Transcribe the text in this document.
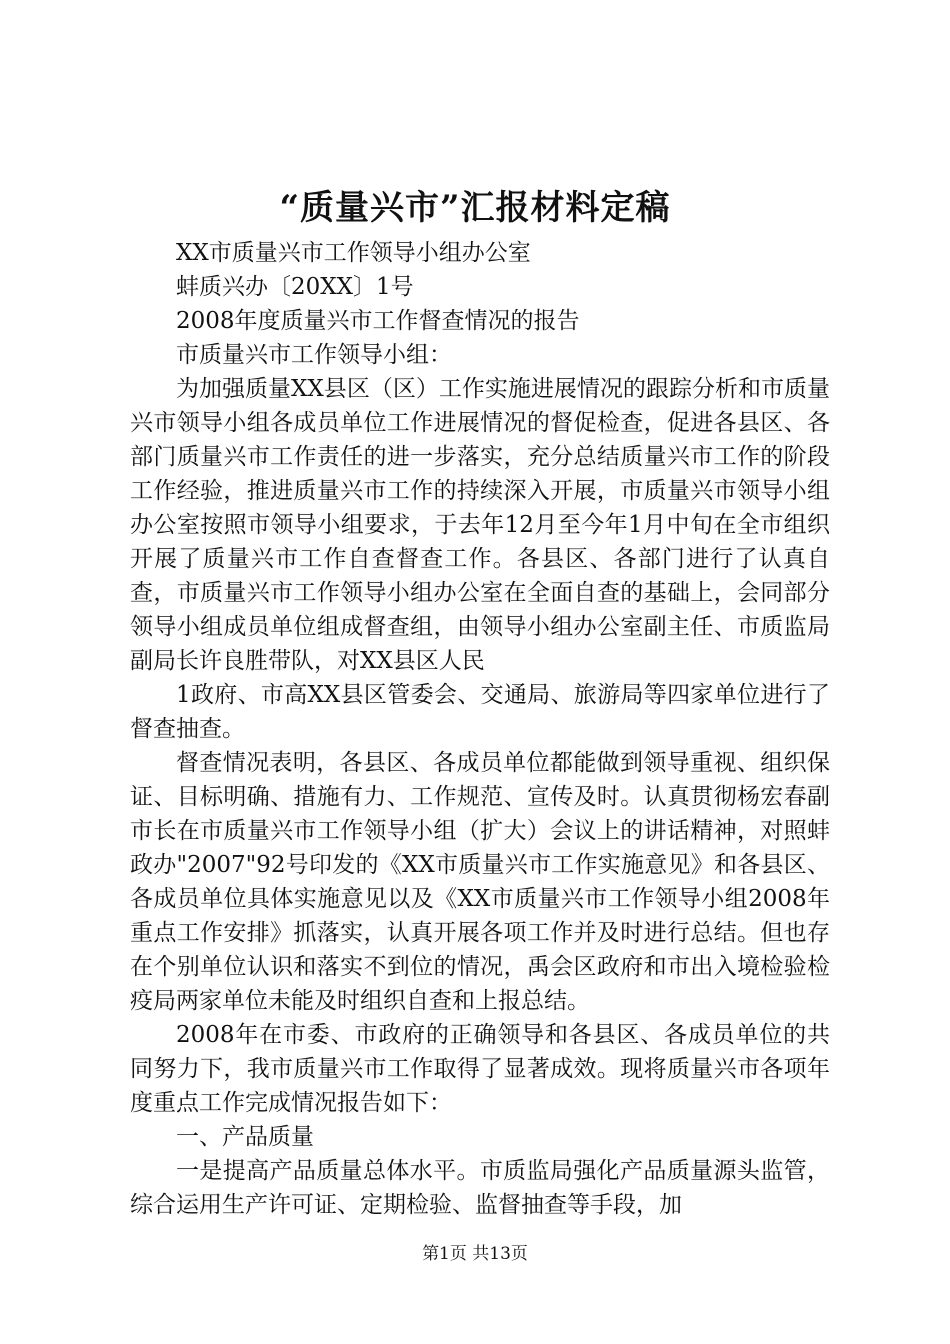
“质量兴市”汇报材料定稿

XX市质量兴市工作领导小组办公室

蚌质兴办〔20XX〕1号

2008年度质量兴市工作督查情况的报告

市质量兴市工作领导小组：

为加强质量XX县区（区）工作实施进展情况的跟踪分析和市质量兴市领导小组各成员单位工作进展情况的督促检查，促进各县区、各部门质量兴市工作责任的进一步落实，充分总结质量兴市工作的阶段工作经验，推进质量兴市工作的持续深入开展，市质量兴市领导小组办公室按照市领导小组要求，于去年12月至今年1月中旬在全市组织开展了质量兴市工作自查督查工作。各县区、各部门进行了认真自查，市质量兴市工作领导小组办公室在全面自查的基础上，会同部分领导小组成员单位组成督查组，由领导小组办公室副主任、市质监局副局长许良胜带队，对XX县区人民

1政府、市高XX县区管委会、交通局、旅游局等四家单位进行了督查抽查。

督查情况表明，各县区、各成员单位都能做到领导重视、组织保证、目标明确、措施有力、工作规范、宣传及时。认真贯彻杨宏春副市长在市质量兴市工作领导小组（扩大）会议上的讲话精神，对照蚌政办"2007"92号印发的《XX市质量兴市工作实施意见》和各县区、各成员单位具体实施意见以及《XX市质量兴市工作领导小组2008年重点工作安排》抓落实，认真开展各项工作并及时进行总结。但也存在个别单位认识和落实不到位的情况，禹会区政府和市出入境检验检疫局两家单位未能及时组织自查和上报总结。

2008年在市委、市政府的正确领导和各县区、各成员单位的共同努力下，我市质量兴市工作取得了显著成效。现将质量兴市各项年度重点工作完成情况报告如下：

一、产品质量

一是提高产品质量总体水平。市质监局强化产品质量源头监管，综合运用生产许可证、定期检验、监督抽查等手段，加

第1页 共13页
